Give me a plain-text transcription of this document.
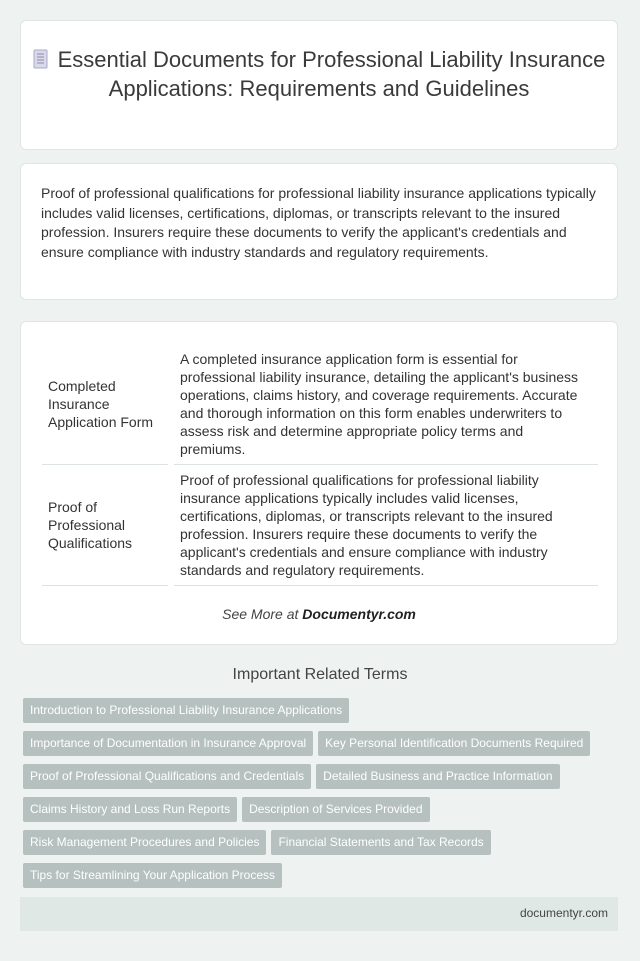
Essential Documents for Professional Liability Insurance Applications: Requirements and Guidelines
Proof of professional qualifications for professional liability insurance applications typically includes valid licenses, certifications, diplomas, or transcripts relevant to the insured profession. Insurers require these documents to verify the applicant's credentials and ensure compliance with industry standards and regulatory requirements.
Completed Insurance Application Form	A completed insurance application form is essential for professional liability insurance, detailing the applicant's business operations, claims history, and coverage requirements. Accurate and thorough information on this form enables underwriters to assess risk and determine appropriate policy terms and premiums.
Proof of Professional Qualifications	Proof of professional qualifications for professional liability insurance applications typically includes valid licenses, certifications, diplomas, or transcripts relevant to the insured profession. Insurers require these documents to verify the applicant's credentials and ensure compliance with industry standards and regulatory requirements.
See More at Documentyr.com
Important Related Terms
Introduction to Professional Liability Insurance Applications
Importance of Documentation in Insurance Approval Key Personal Identification Documents Required
Proof of Professional Qualifications and Credentials Detailed Business and Practice Information
Claims History and Loss Run Reports Description of Services Provided
Risk Management Procedures and Policies Financial Statements and Tax Records
Tips for Streamlining Your Application Process
documentyr.com
